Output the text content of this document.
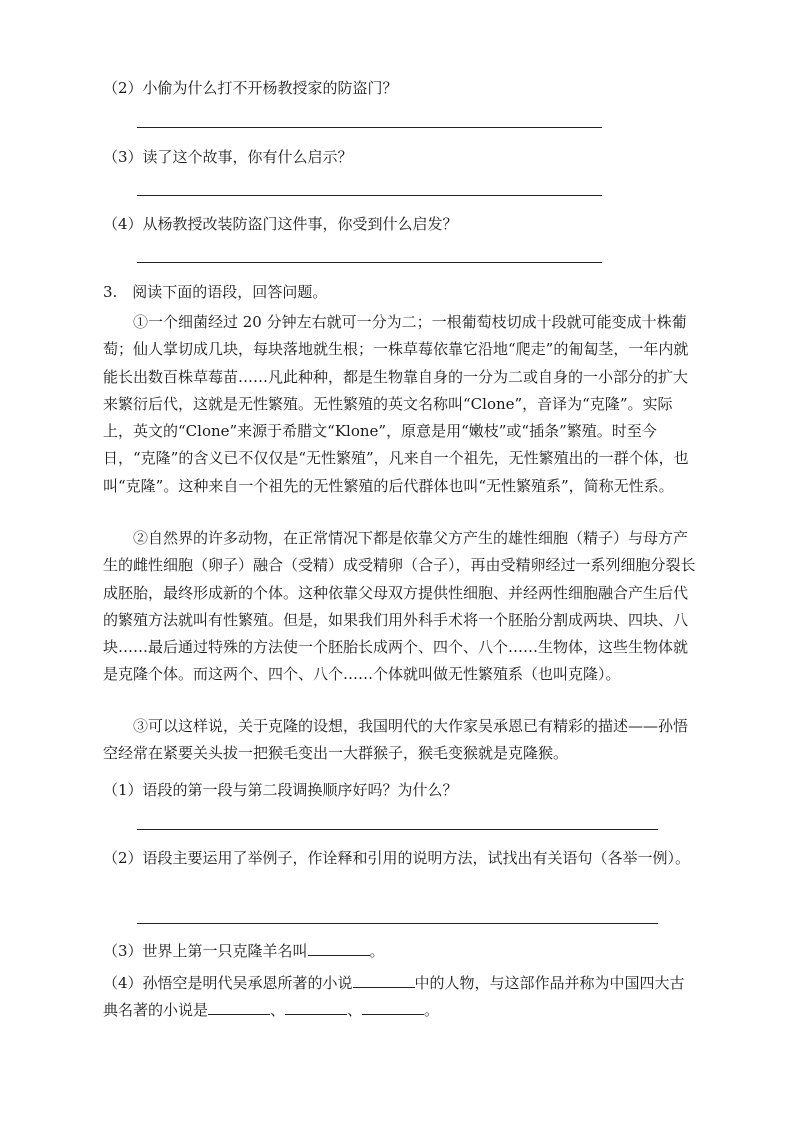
（2）小偷为什么打不开杨教授家的防盗门？
（3）读了这个故事，你有什么启示？
（4）从杨教授改装防盗门这件事，你受到什么启发？
3.　阅读下面的语段，回答问题。
①一个细菌经过 20 分钟左右就可一分为二；一根葡萄枝切成十段就可能变成十株葡萄；仙人掌切成几块，每块落地就生根；一株草莓依靠它沿地“爬走”的匍匐茎，一年内就能长出数百株草莓苗……凡此种种，都是生物靠自身的一分为二或自身的一小部分的扩大来繁衍后代，这就是无性繁殖。无性繁殖的英文名称叫“Clone”，音译为“克隆”。实际上，英文的“Clone”来源于希腊文“Klone”，原意是用“嫩枝”或“插条”繁殖。时至今日，“克隆”的含义已不仅仅是“无性繁殖”，凡来自一个祖先，无性繁殖出的一群个体，也叫“克隆”。这种来自一个祖先的无性繁殖的后代群体也叫“无性繁殖系”，简称无性系。
②自然界的许多动物，在正常情况下都是依靠父方产生的雄性细胞（精子）与母方产生的雌性细胞（卵子）融合（受精）成受精卵（合子），再由受精卵经过一系列细胞分裂长成胚胎，最终形成新的个体。这种依靠父母双方提供性细胞、并经两性细胞融合产生后代的繁殖方法就叫有性繁殖。但是，如果我们用外科手术将一个胚胎分割成两块、四块、八块……最后通过特殊的方法使一个胚胎长成两个、四个、八个……生物体，这些生物体就是克隆个体。而这两个、四个、八个……个体就叫做无性繁殖系（也叫克隆）。
③可以这样说，关于克隆的设想，我国明代的大作家吴承恩已有精彩的描述——孙悟空经常在紧要关头拔一把猴毛变出一大群猴子，猴毛变猴就是克隆猴。
（1）语段的第一段与第二段调换顺序好吗？为什么？
（2）语段主要运用了举例子，作诠释和引用的说明方法，试找出有关语句（各举一例）。
（3）世界上第一只克隆羊名叫	。
（4）孙悟空是明代吴承恩所著的小说	中的人物，与这部作品并称为中国四大古典名著的小说是	、	、	。
